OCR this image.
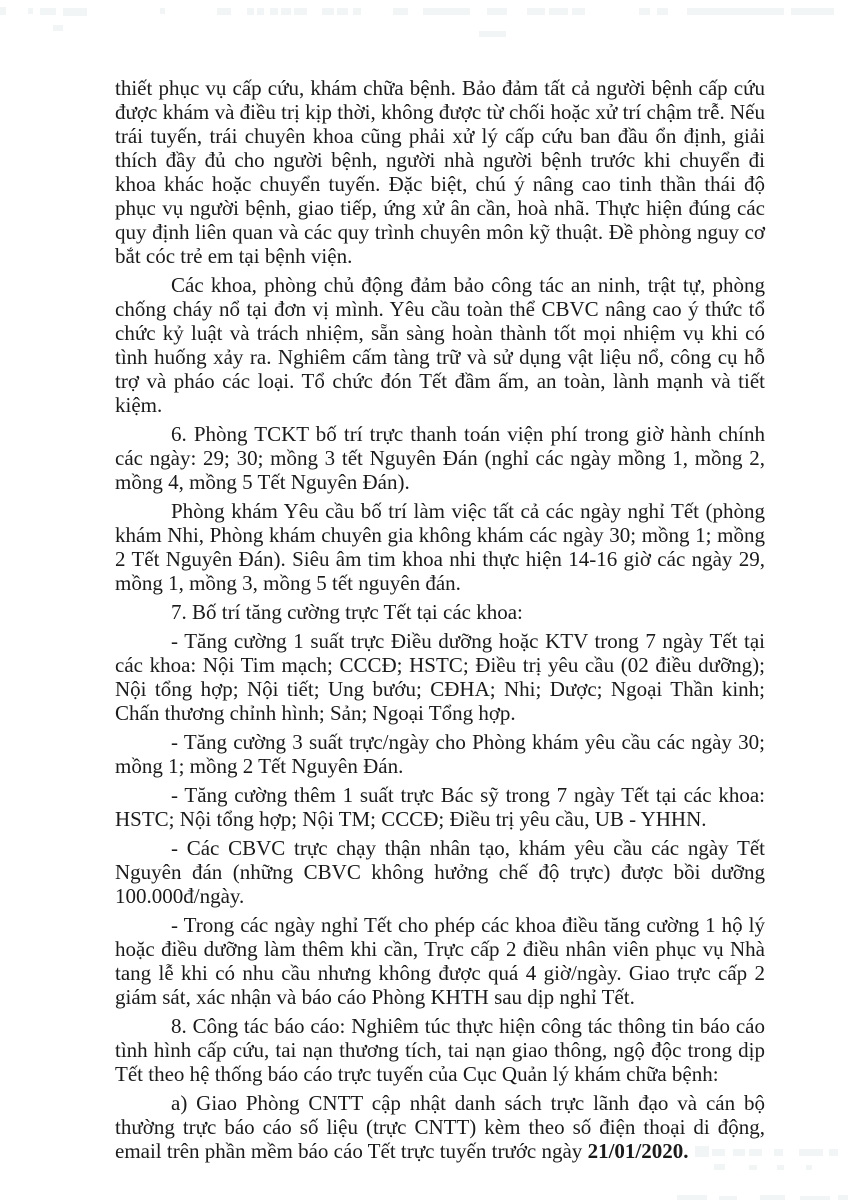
thiết phục vụ cấp cứu, khám chữa bệnh. Bảo đảm tất cả người bệnh cấp cứu được khám và điều trị kịp thời, không được từ chối hoặc xử trí chậm trễ. Nếu trái tuyến, trái chuyên khoa cũng phải xử lý cấp cứu ban đầu ổn định, giải thích đầy đủ cho người bệnh, người nhà người bệnh trước khi chuyển đi khoa khác hoặc chuyển tuyến. Đặc biệt, chú ý nâng cao tinh thần thái độ phục vụ người bệnh, giao tiếp, ứng xử ân cần, hoà nhã. Thực hiện đúng các quy định liên quan và các quy trình chuyên môn kỹ thuật. Đề phòng nguy cơ bắt cóc trẻ em tại bệnh viện.

Các khoa, phòng chủ động đảm bảo công tác an ninh, trật tự, phòng chống cháy nổ tại đơn vị mình. Yêu cầu toàn thể CBVC nâng cao ý thức tổ chức kỷ luật và trách nhiệm, sẵn sàng hoàn thành tốt mọi nhiệm vụ khi có tình huống xảy ra. Nghiêm cấm tàng trữ và sử dụng vật liệu nổ, công cụ hỗ trợ và pháo các loại. Tổ chức đón Tết đầm ấm, an toàn, lành mạnh và tiết kiệm.

6. Phòng TCKT bố trí trực thanh toán viện phí trong giờ hành chính các ngày: 29; 30; mồng 3 tết Nguyên Đán (nghỉ các ngày mồng 1, mồng 2, mồng 4, mồng 5 Tết Nguyên Đán).

Phòng khám Yêu cầu bố trí làm việc tất cả các ngày nghỉ Tết (phòng khám Nhi, Phòng khám chuyên gia không khám các ngày 30; mồng 1; mồng 2 Tết Nguyên Đán). Siêu âm tim khoa nhi thực hiện 14-16 giờ các ngày 29, mồng 1, mồng 3, mồng 5 tết nguyên đán.

7. Bố trí tăng cường trực Tết tại các khoa:

- Tăng cường 1 suất trực Điều dưỡng hoặc KTV trong 7 ngày Tết tại các khoa: Nội Tim mạch; CCCĐ; HSTC; Điều trị yêu cầu (02 điều dưỡng); Nội tổng hợp; Nội tiết; Ung bướu; CĐHA; Nhi; Dược; Ngoại Thần kinh; Chấn thương chỉnh hình; Sản; Ngoại Tổng hợp.

- Tăng cường 3 suất trực/ngày cho Phòng khám yêu cầu các ngày 30; mồng 1; mồng 2 Tết Nguyên Đán.

- Tăng cường thêm 1 suất trực Bác sỹ trong 7 ngày Tết tại các khoa: HSTC; Nội tổng hợp; Nội TM; CCCĐ; Điều trị yêu cầu, UB - YHHN.

- Các CBVC trực chạy thận nhân tạo, khám yêu cầu các ngày Tết Nguyên đán (những CBVC không hưởng chế độ trực) được bồi dưỡng 100.000đ/ngày.

- Trong các ngày nghỉ Tết cho phép các khoa điều tăng cường 1 hộ lý hoặc điều dưỡng làm thêm khi cần, Trực cấp 2 điều nhân viên phục vụ Nhà tang lễ khi có nhu cầu nhưng không được quá 4 giờ/ngày. Giao trực cấp 2 giám sát, xác nhận và báo cáo Phòng KHTH sau dịp nghỉ Tết.

8. Công tác báo cáo: Nghiêm túc thực hiện công tác thông tin báo cáo tình hình cấp cứu, tai nạn thương tích, tai nạn giao thông, ngộ độc trong dịp Tết theo hệ thống báo cáo trực tuyến của Cục Quản lý khám chữa bệnh:

a) Giao Phòng CNTT cập nhật danh sách trực lãnh đạo và cán bộ thường trực báo cáo số liệu (trực CNTT) kèm theo số điện thoại di động, email trên phần mềm báo cáo Tết trực tuyến trước ngày 21/01/2020.
